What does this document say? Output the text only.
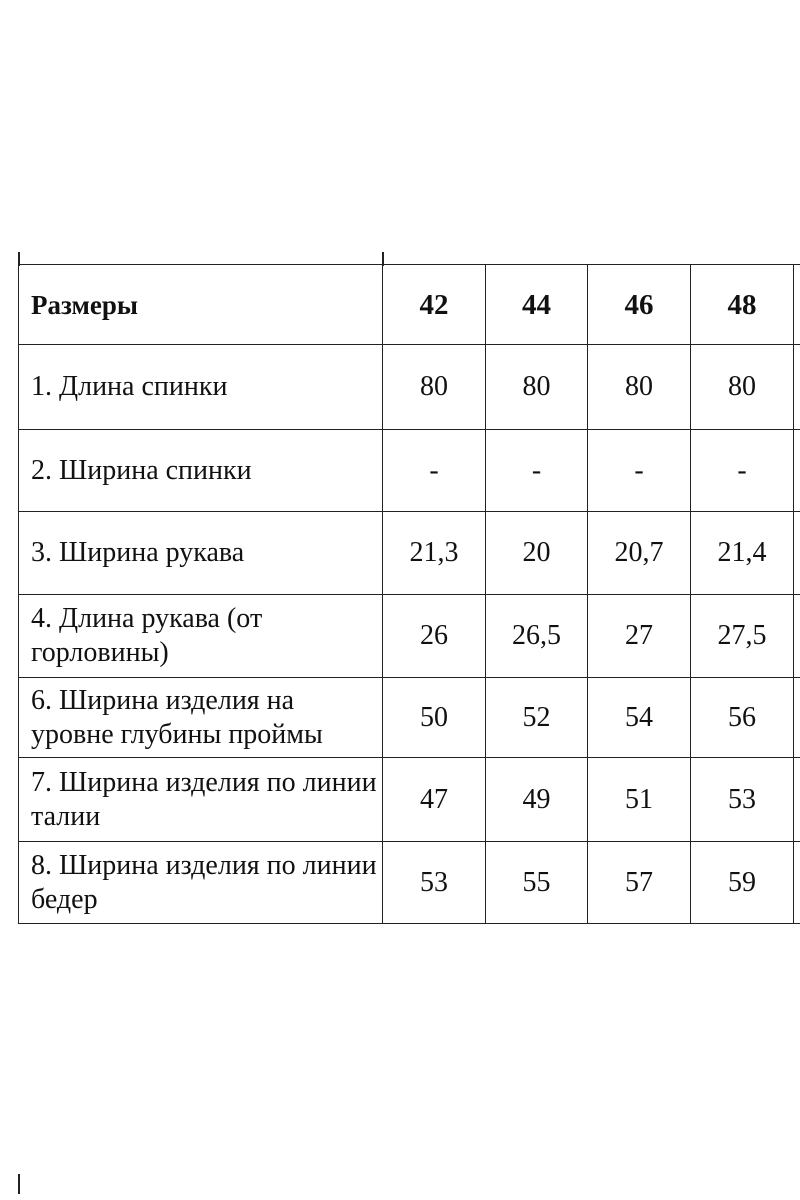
Размеры	42	44	46	48	
1. Длина спинки	80	80	80	80	
2. Ширина спинки	-	-	-	-	
3. Ширина рукава	21,3	20	20,7	21,4	
4. Длина рукава (от горловины)	26	26,5	27	27,5	
6. Ширина изделия на уровне глубины проймы	50	52	54	56	
7. Ширина изделия по линии талии	47	49	51	53	
8. Ширина изделия по линии бедер	53	55	57	59	
